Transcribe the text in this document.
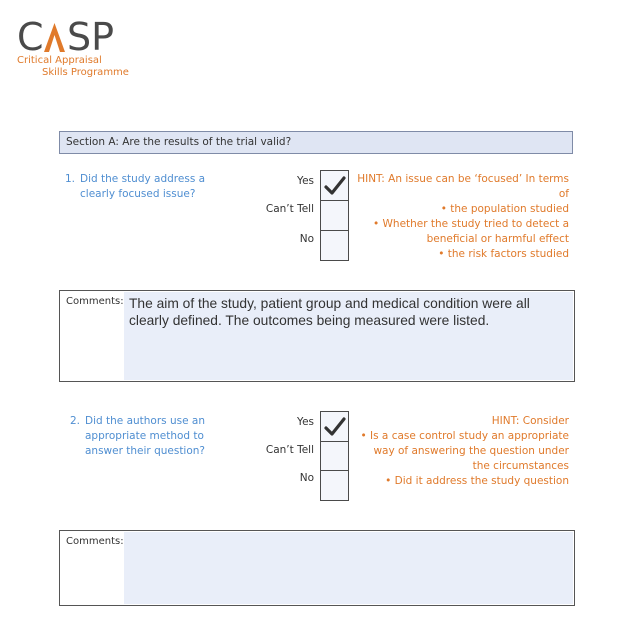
C SP
Critical Appraisal
Skills Programme
Section A: Are the results of the trial valid?
1. Did the study address a clearly focused issue?
Yes
Can’t Tell
No
HINT: An issue can be ‘focused’ In terms of
• the population studied
• Whether the study tried to detect a
beneficial or harmful effect
• the risk factors studied
Comments: The aim of the study, patient group and medical condition were all clearly defined. The outcomes being measured were listed.
2. Did the authors use an appropriate method to answer their question?
Yes
Can’t Tell
No
HINT: Consider
• Is a case control study an appropriate
way of answering the question under
the circumstances
• Did it address the study question
Comments:
